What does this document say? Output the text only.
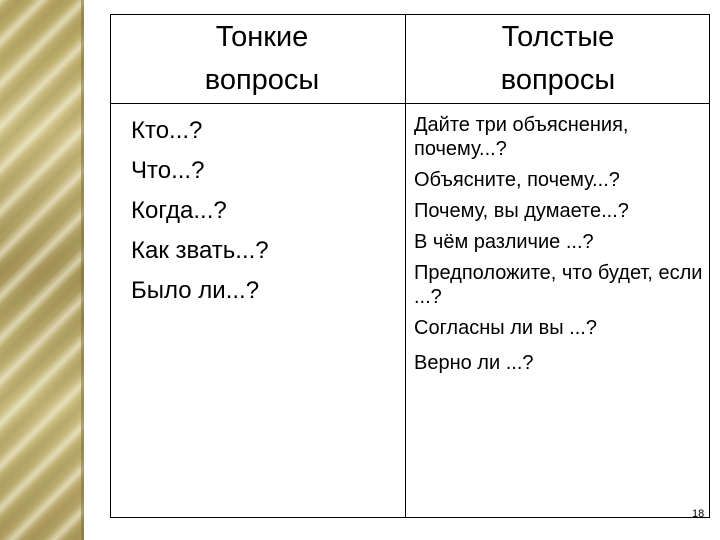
Тонкие
вопросы
Толстые
вопросы
Кто...?
Что...?
Когда...?
Как звать...?
Было ли...?
Дайте три объяснения, почему...?
Объясните, почему...?
Почему, вы думаете...?
В чём различие ...?
Предположите, что будет, если ...?
Согласны ли вы ...?
Верно ли ...?
18
